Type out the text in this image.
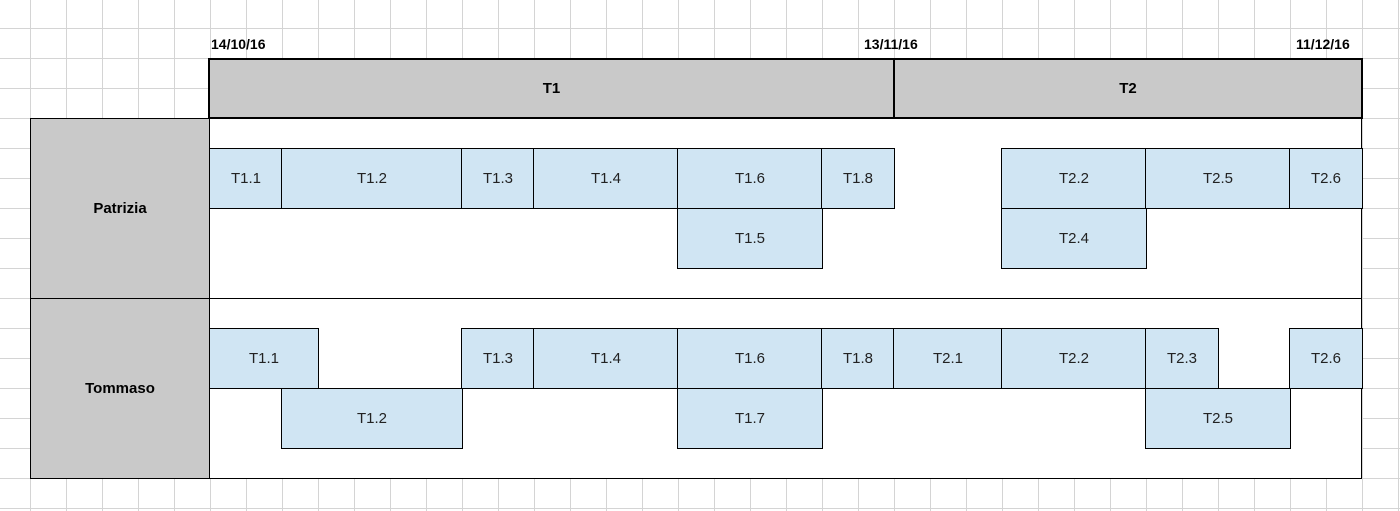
14/10/16	13/11/16	11/12/16
T1	T2
Patrizia
T1.1	T1.2	T1.3	T1.4	T1.6	T1.8	T2.2	T2.5	T2.6
T1.5	T2.4
Tommaso
T1.1	T1.3	T1.4	T1.6	T1.8	T2.1	T2.2	T2.3	T2.6
T1.2	T1.7	T2.5
